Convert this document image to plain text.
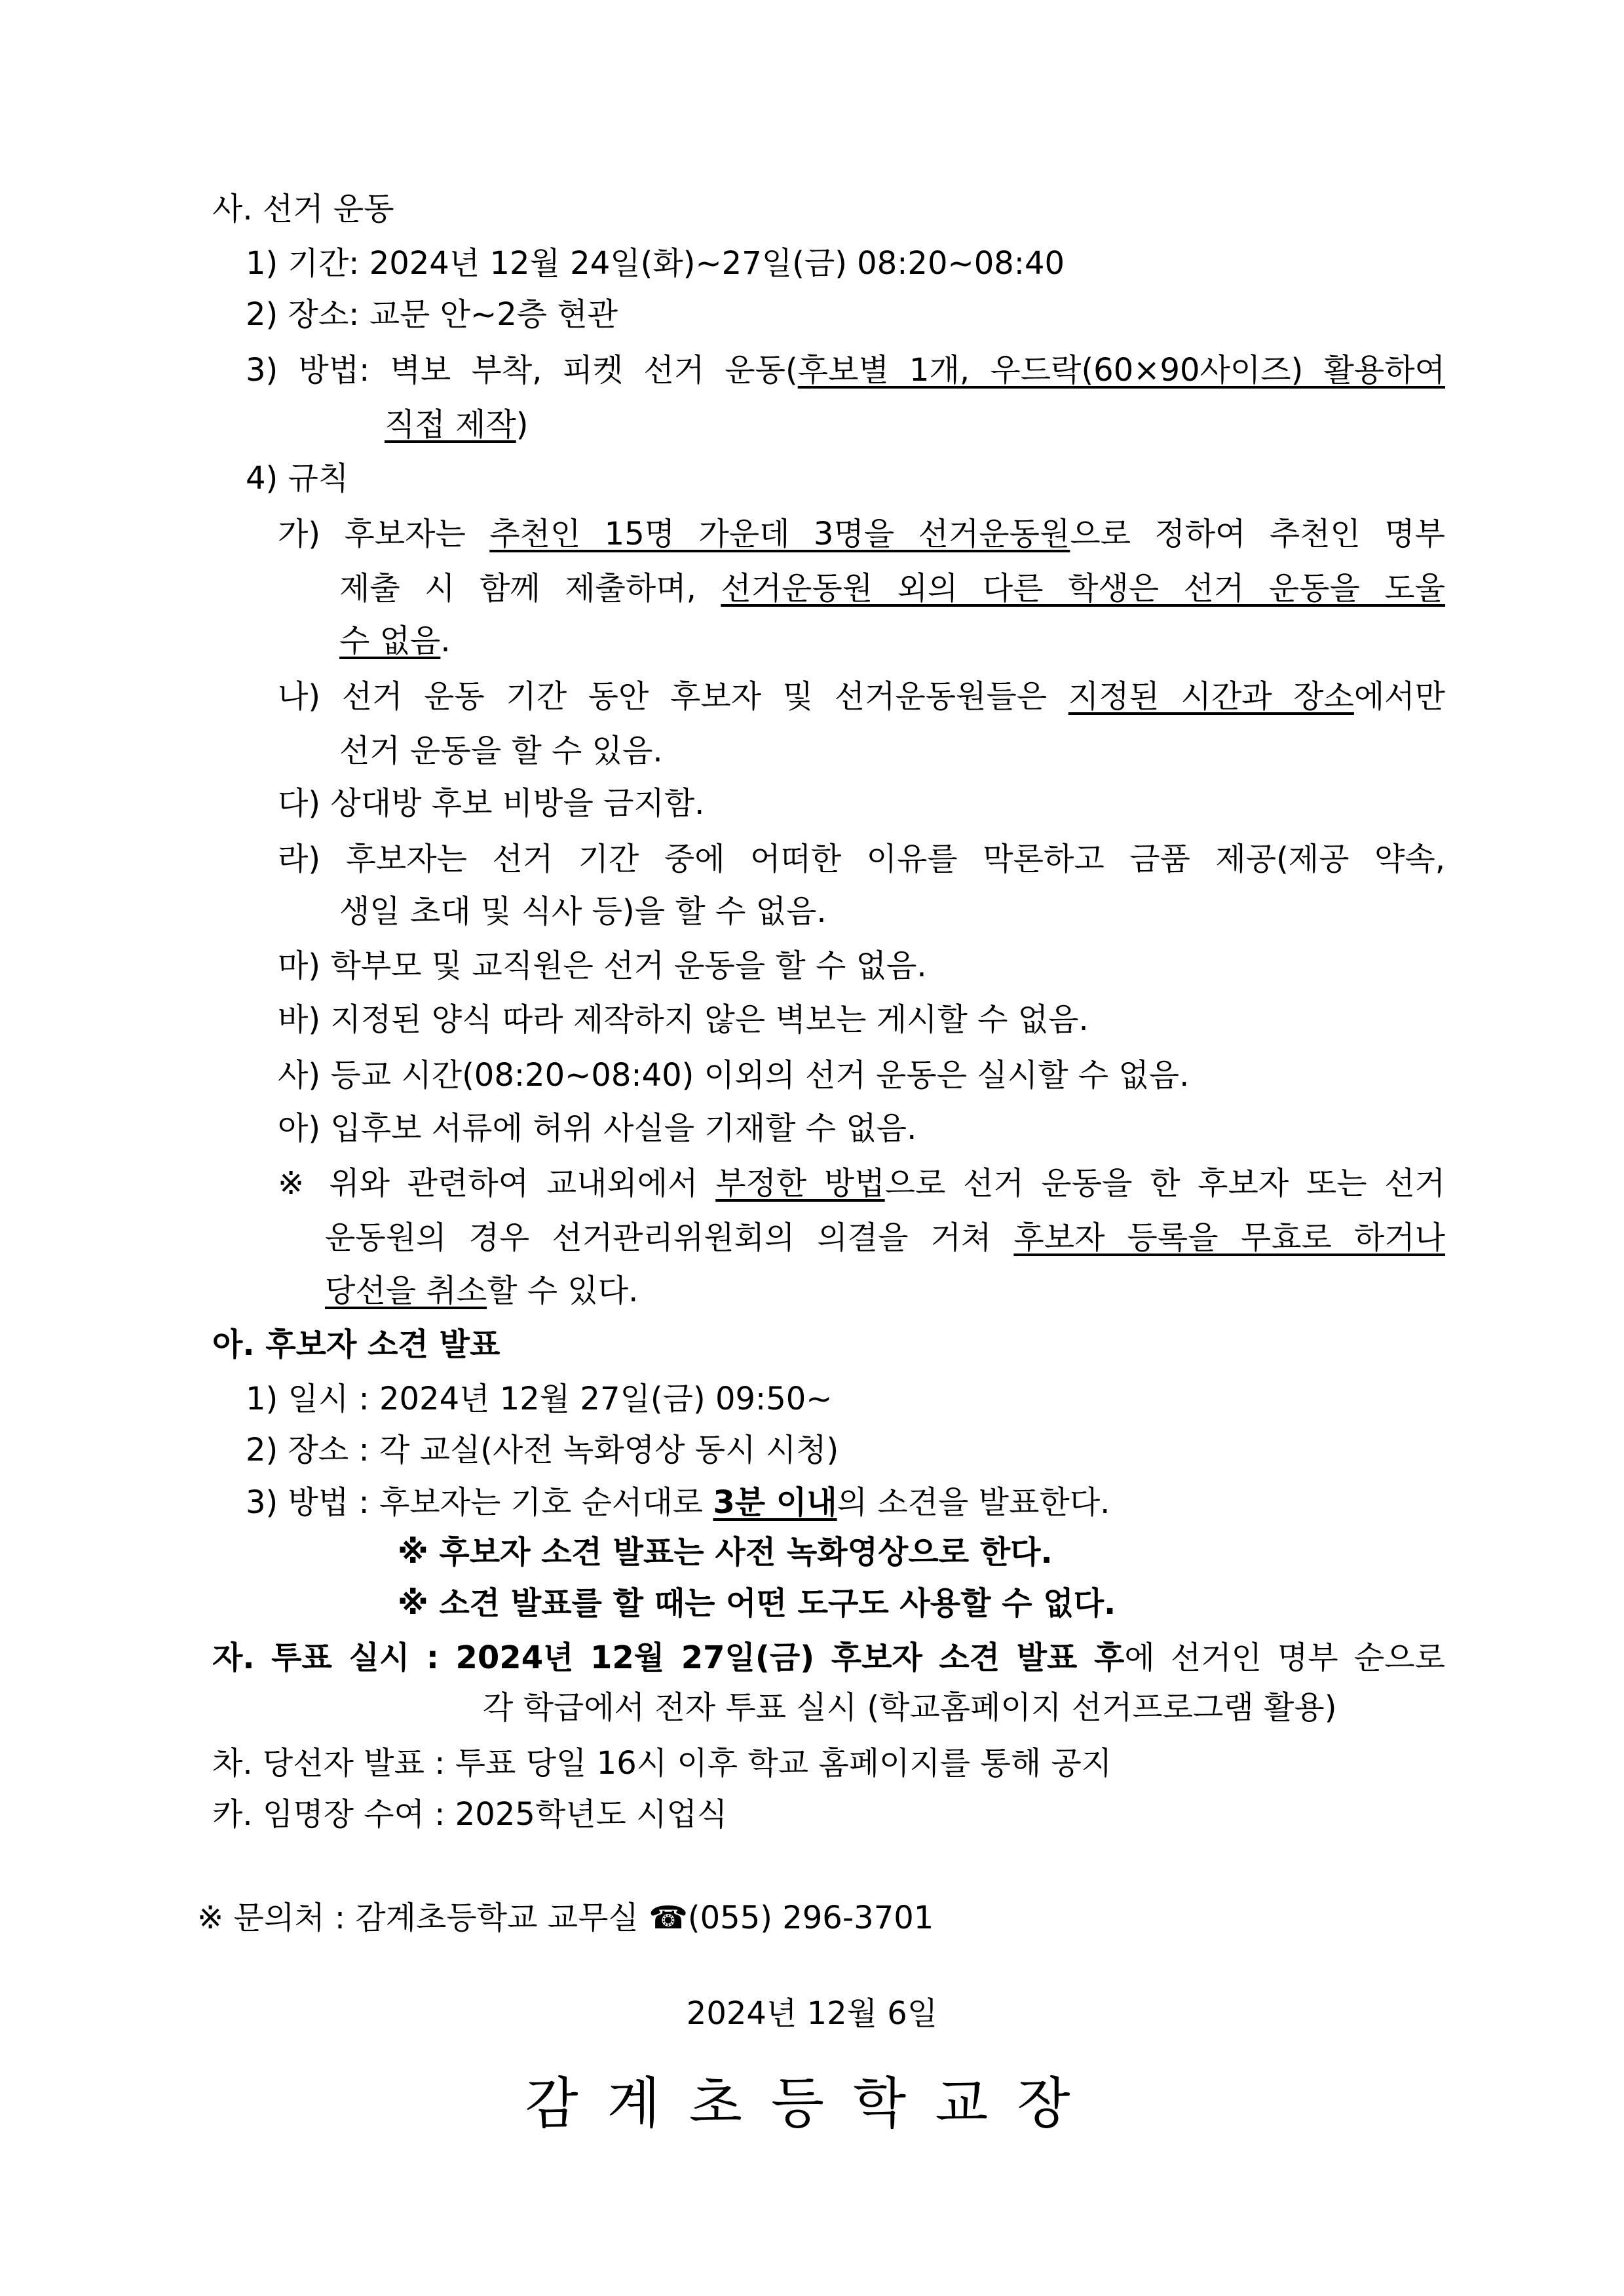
사. 선거 운동
1) 기간: 2024년 12월 24일(화)~27일(금) 08:20~08:40
2) 장소: 교문 안~2층 현관
3) 방법: 벽보 부착, 피켓 선거 운동(후보별 1개, 우드락(60×90사이즈) 활용하여
직접 제작)
4) 규칙
가) 후보자는 추천인 15명 가운데 3명을 선거운동원으로 정하여 추천인 명부
제출 시 함께 제출하며, 선거운동원 외의 다른 학생은 선거 운동을 도울
수 없음.
나) 선거 운동 기간 동안 후보자 및 선거운동원들은 지정된 시간과 장소에서만
선거 운동을 할 수 있음.
다) 상대방 후보 비방을 금지함.
라) 후보자는 선거 기간 중에 어떠한 이유를 막론하고 금품 제공(제공 약속,
생일 초대 및 식사 등)을 할 수 없음.
마) 학부모 및 교직원은 선거 운동을 할 수 없음.
바) 지정된 양식 따라 제작하지 않은 벽보는 게시할 수 없음.
사) 등교 시간(08:20~08:40) 이외의 선거 운동은 실시할 수 없음.
아) 입후보 서류에 허위 사실을 기재할 수 없음.
※ 위와 관련하여 교내외에서 부정한 방법으로 선거 운동을 한 후보자 또는 선거
운동원의 경우 선거관리위원회의 의결을 거쳐 후보자 등록을 무효로 하거나
당선을 취소할 수 있다.
아. 후보자 소견 발표
1) 일시 : 2024년 12월 27일(금) 09:50~
2) 장소 : 각 교실(사전 녹화영상 동시 시청)
3) 방법 : 후보자는 기호 순서대로 3분 이내의 소견을 발표한다.
※ 후보자 소견 발표는 사전 녹화영상으로 한다.
※ 소견 발표를 할 때는 어떤 도구도 사용할 수 없다.
자. 투표 실시 : 2024년 12월 27일(금) 후보자 소견 발표 후에 선거인 명부 순으로
각 학급에서 전자 투표 실시 (학교홈페이지 선거프로그램 활용)
차. 당선자 발표 : 투표 당일 16시 이후 학교 홈페이지를 통해 공지
카. 임명장 수여 : 2025학년도 시업식
※ 문의처 : 감계초등학교 교무실 ☎(055) 296-3701
2024년 12월 6일
감계초등학교장
